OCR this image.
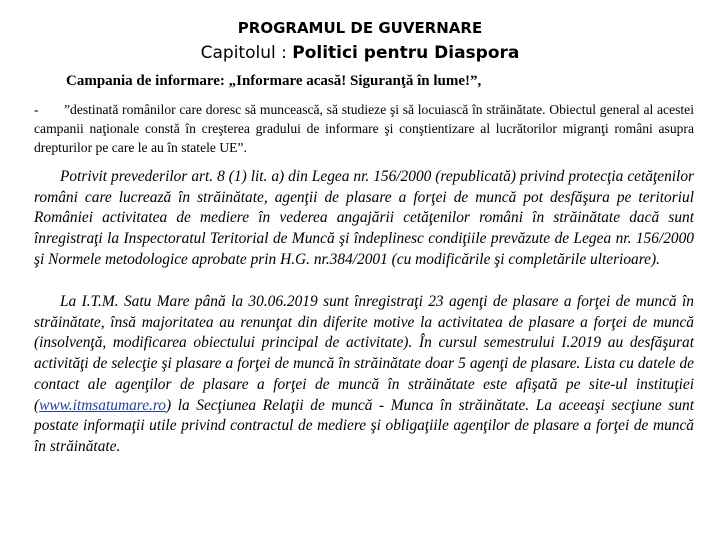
PROGRAMUL DE GUVERNARE
Capitolul : Politici pentru Diaspora
Campania de informare: „Informare acasă! Siguranţă în lume!”,
- ”destinată românilor care doresc să muncească, să studieze şi să locuiască în străinătate. Obiectul general al acestei campanii naţionale constă în creşterea gradului de informare şi conştientizare al lucrătorilor migranţi români asupra drepturilor pe care le au în statele UE”.

Potrivit prevederilor art. 8 (1) lit. a) din Legea nr. 156/2000 (republicată) privind protecţia cetăţenilor români care lucrează în străinătate, agenţii de plasare a forţei de muncă pot desfăşura pe teritoriul României activitatea de mediere în vederea angajării cetăţenilor români în străinătate dacă sunt înregistraţi la Inspectoratul Teritorial de Muncă şi îndeplinesc condiţiile prevăzute de Legea nr. 156/2000 şi Normele metodologice aprobate prin H.G. nr.384/2001 (cu modificările şi completările ulterioare).

La I.T.M. Satu Mare până la 30.06.2019 sunt înregistraţi 23 agenţi de plasare a forţei de muncă în străinătate, însă majoritatea au renunţat din diferite motive la activitatea de plasare a forţei de muncă (insolvenţă, modificarea obiectului principal de activitate). În cursul semestrului I.2019 au desfăşurat activităţi de selecţie şi plasare a forţei de muncă în străinătate doar 5 agenţi de plasare. Lista cu datele de contact ale agenţilor de plasare a forţei de muncă în străinătate este afişată pe site-ul instituţiei (www.itmsatumare.ro) la Secţiunea Relaţii de muncă - Munca în străinătate. La aceeaşi secţiune sunt postate informaţii utile privind contractul de mediere şi obligaţiile agenţilor de plasare a forţei de muncă în străinătate.
